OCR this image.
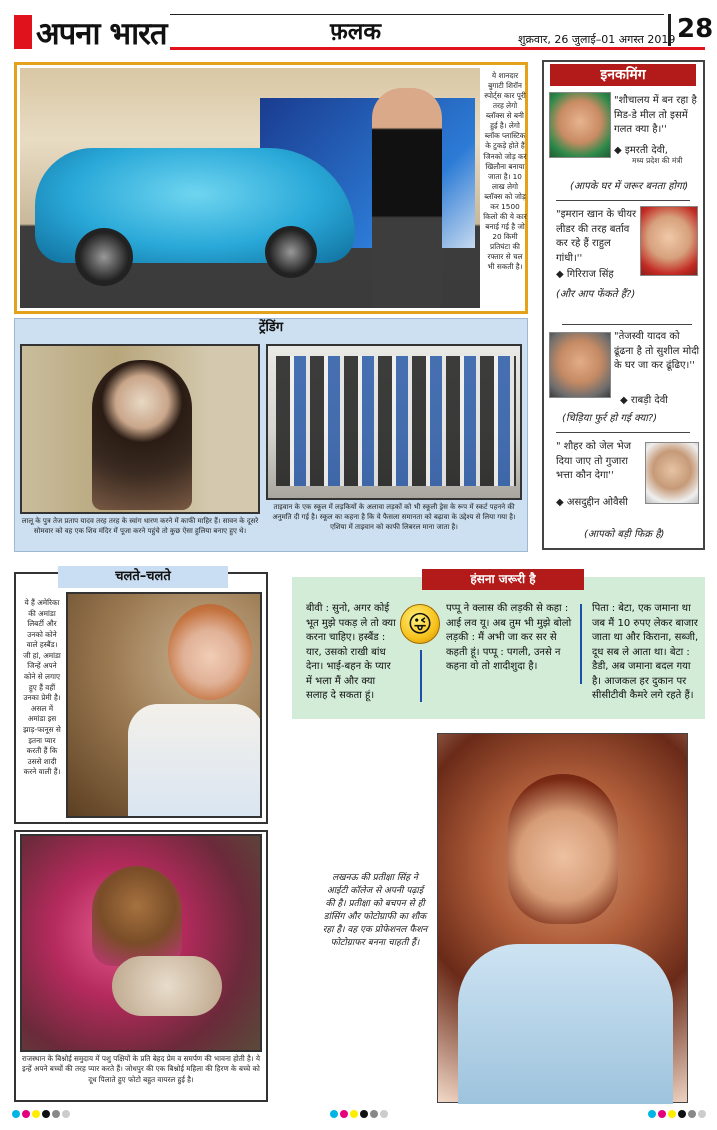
अपना भारत	फ़लक	शुक्रवार, 26 जुलाई–01 अगस्त 2019 28
ये शानदार बुगाटी शिरॉन स्पोर्ट्स कार पूरी तरह लेगो ब्लॉक्स से बनी हुई है। लेगो ब्लॉक प्लास्टिक के टुकड़े होते हैं जिनको जोड़ कर खिलौना बनाया जाता है। 10 लाख लेगो ब्लॉक्स को जोड़ कर 1500 किलो की ये कार बनाई गई है जो 20 किमी प्रतिघंटा की रफ्तार से चल भी सकती है।
इनकमिंग
"शौचालय में बन रहा है मिड-डे मील तो इसमें गलत क्या है।''
◆ इमरती देवी,
मध्य प्रदेश की मंत्री
(आपके घर में जरूर बनता होगा)
"इमरान खान के चीयर लीडर की तरह बर्ताव कर रहे हैं राहुल गांधी।''
◆ गिरिराज सिंह
(और आप फेंकते हैं?)
"तेजस्वी यादव को ढूंढना है तो सुशील मोदी के घर जा कर ढूंढिए।''
◆ राबड़ी देवी
(चिड़िया फुर्र हो गई क्या?)
" शौहर को जेल भेज दिया जाए तो गुजारा भत्ता कौन देगा''
◆ असदुद्दीन ओवैसी
(आपको बड़ी फिक्र है)
ट्रेंडिंग
लालू के पुत्र तेज प्रताप यादव तरह तरह के स्वांग धारण करने में काफी माहिर हैं। सावन के दूसरे सोमवार को वह एक शिव मंदिर में पूजा करने पहुंचे तो कुछ ऐसा हुलिया बनाए हुए थे।
ताइवान के एक स्कूल में लड़कियों के अलावा लड़कों को भी स्कूली ड्रेस के रूप में स्कर्ट पहनने की अनुमति दी गई है। स्कूल का कहना है कि ये फैसला समानता को बढ़ावा के उद्देश्य से लिया गया है। एशिया में ताइवान को काफी लिबरल माना जाता है।
चलते–चलते
ये हैं अमेरिका की अमांडा लिबर्टी और उनको कोने वाले हस्बैंड। जी हां, अमांडा जिन्हें अपने कोने से लगाए हुए हैं वहीं उनका प्रेमी है। असल में अमांडा इस झाड़-फानूस से इतना प्यार करती हैं कि उससे शादी करने वाली हैं।
हंसना जरूरी है
😜
बीवी : सुनो, अगर कोई भूत मुझे पकड़ ले तो क्या करना चाहिए। हस्बैंड : यार, उसको राखी बांध देना। भाई-बहन के प्यार में भला मैं और क्या सलाह दे सकता हूं।
पप्पू ने क्लास की लड़की से कहा : आई लव यू। अब तुम भी मुझे बोलो लड़की : मैं अभी जा कर सर से कहती हूं। पप्पू : पगली, उनसे न कहना वो तो शादीशुदा है।
पिता : बेटा, एक जमाना था जब मैं 10 रुपए लेकर बाजार जाता था और किराना, सब्जी, दूध सब ले आता था। बेटा : डैडी, अब जमाना बदल गया है। आजकल हर दुकान पर सीसीटीवी कैमरे लगे रहते हैं।
राजस्थान के बिश्नोई समुदाय में पशु पक्षियों के प्रति बेहद प्रेम व समर्पण की भावना होती है। ये इन्हें अपने बच्चों की तरह प्यार करते हैं। जोधपुर की एक बिश्नोई महिला की हिरण के बच्चे को दूध पिलाते हुए फोटो बहुत वायरल हुई है।
लखनऊ की प्रतीक्षा सिंह ने आईटी कॉलेज से अपनी पढ़ाई की है। प्रतीक्षा को बचपन से ही डांसिंग और फोटोग्राफी का शौक रहा है। वह एक प्रोफेशनल फैशन फोटोग्राफर बनना चाहती हैं।
